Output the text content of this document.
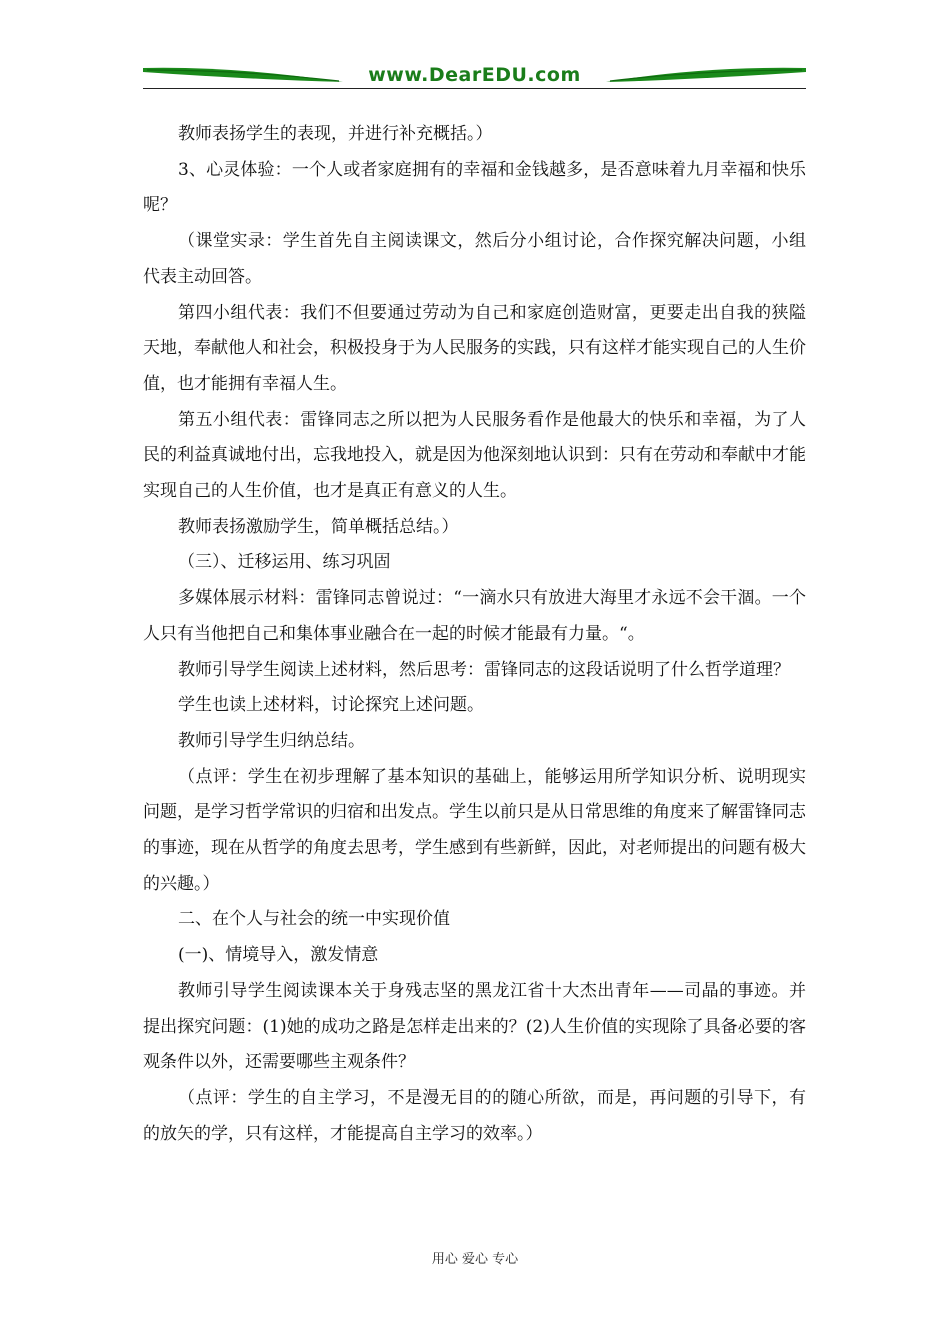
www.DearEDU.com

教师表扬学生的表现，并进行补充概括。）

3、心灵体验：一个人或者家庭拥有的幸福和金钱越多，是否意味着九月幸福和快乐呢？

（课堂实录：学生首先自主阅读课文，然后分小组讨论，合作探究解决问题，小组代表主动回答。

第四小组代表：我们不但要通过劳动为自己和家庭创造财富，更要走出自我的狭隘天地，奉献他人和社会，积极投身于为人民服务的实践，只有这样才能实现自己的人生价值，也才能拥有幸福人生。

第五小组代表：雷锋同志之所以把为人民服务看作是他最大的快乐和幸福，为了人民的利益真诚地付出，忘我地投入，就是因为他深刻地认识到：只有在劳动和奉献中才能实现自己的人生价值，也才是真正有意义的人生。

教师表扬激励学生，简单概括总结。）

（三）、迁移运用、练习巩固

多媒体展示材料：雷锋同志曾说过：“一滴水只有放进大海里才永远不会干涸。一个人只有当他把自己和集体事业融合在一起的时候才能最有力量。“。

教师引导学生阅读上述材料，然后思考：雷锋同志的这段话说明了什么哲学道理？

学生也读上述材料，讨论探究上述问题。

教师引导学生归纳总结。

（点评：学生在初步理解了基本知识的基础上，能够运用所学知识分析、说明现实问题，是学习哲学常识的归宿和出发点。学生以前只是从日常思维的角度来了解雷锋同志的事迹，现在从哲学的角度去思考，学生感到有些新鲜，因此，对老师提出的问题有极大的兴趣。）

二、在个人与社会的统一中实现价值

(一)、情境导入，激发情意

教师引导学生阅读课本关于身残志坚的黑龙江省十大杰出青年——司晶的事迹。并提出探究问题：(1)她的成功之路是怎样走出来的？(2)人生价值的实现除了具备必要的客观条件以外，还需要哪些主观条件？

（点评：学生的自主学习，不是漫无目的的随心所欲，而是，再问题的引导下，有的放矢的学，只有这样，才能提高自主学习的效率。）

用心 爱心 专心
